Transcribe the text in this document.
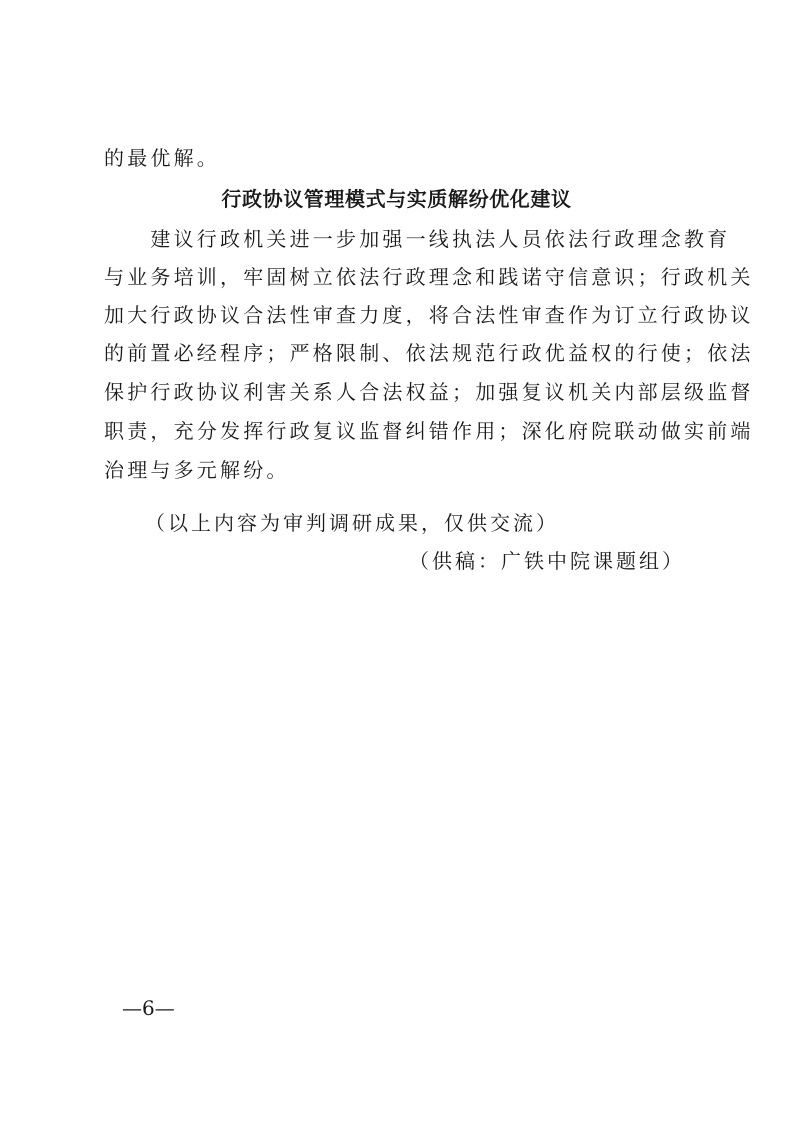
的最优解。
行政协议管理模式与实质解纷优化建议
　　建议行政机关进一步加强一线执法人员依法行政理念教育
与业务培训，牢固树立依法行政理念和践诺守信意识；行政机关
加大行政协议合法性审查力度，将合法性审查作为订立行政协议
的前置必经程序；严格限制、依法规范行政优益权的行使；依法
保护行政协议利害关系人合法权益；加强复议机关内部层级监督
职责，充分发挥行政复议监督纠错作用；深化府院联动做实前端
治理与多元解纷。
（以上内容为审判调研成果，仅供交流）
（供稿：广铁中院课题组）
—6—
